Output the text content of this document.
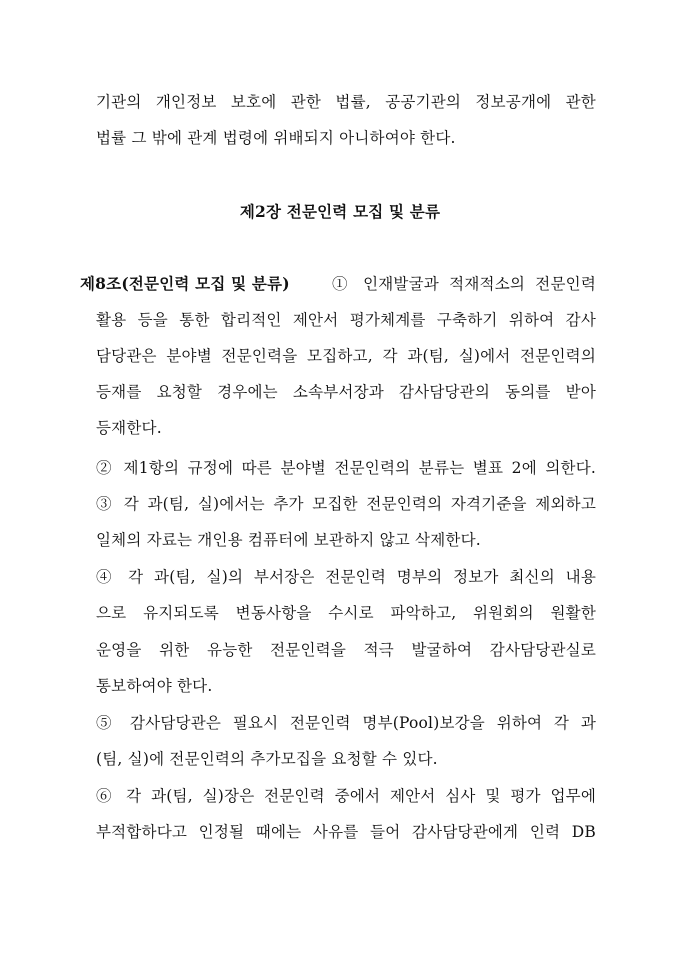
기관의 개인정보 보호에 관한 법률, 공공기관의 정보공개에 관한
법률 그 밖에 관계 법령에 위배되지 아니하여야 한다.
제2장 전문인력 모집 및 분류
제8조(전문인력 모집 및 분류)	① 인재발굴과 적재적소의 전문인력
활용 등을 통한 합리적인 제안서 평가체계를 구축하기 위하여 감사
담당관은 분야별 전문인력을 모집하고, 각 과(팀, 실)에서 전문인력의
등재를 요청할 경우에는 소속부서장과 감사담당관의 동의를 받아
등재한다.
② 제1항의 규정에 따른 분야별 전문인력의 분류는 별표 2에 의한다.
③ 각 과(팀, 실)에서는 추가 모집한 전문인력의 자격기준을 제외하고
일체의 자료는 개인용 컴퓨터에 보관하지 않고 삭제한다.
④ 각 과(팀, 실)의 부서장은 전문인력 명부의 정보가 최신의 내용
으로 유지되도록 변동사항을 수시로 파악하고, 위원회의 원활한
운영을 위한 유능한 전문인력을 적극 발굴하여 감사담당관실로
통보하여야 한다.
⑤ 감사담당관은 필요시 전문인력 명부(Pool)보강을 위하여 각 과
(팀, 실)에 전문인력의 추가모집을 요청할 수 있다.
⑥ 각 과(팀, 실)장은 전문인력 중에서 제안서 심사 및 평가 업무에
부적합하다고 인정될 때에는 사유를 들어 감사담당관에게 인력 DB
